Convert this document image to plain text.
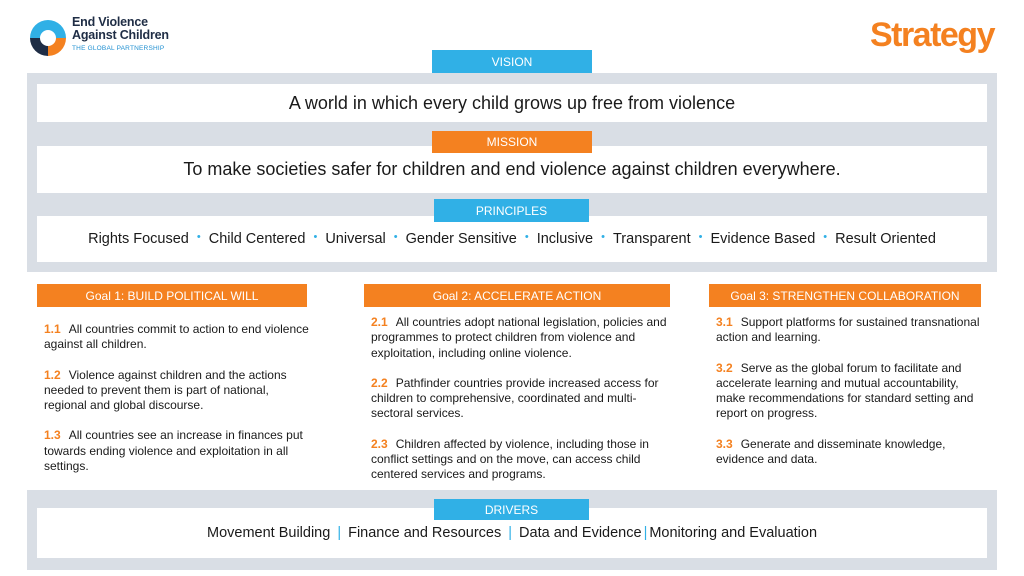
End Violence
Against Children
THE GLOBAL PARTNERSHIP	Strategy
A world in which every child grows up free from violence
VISION
To make societies safer for children and end violence against children everywhere.
MISSION
Rights Focused • Child Centered • Universal • Gender Sensitive • Inclusive • Transparent • Evidence Based • Result Oriented
PRINCIPLES
Goal 1: BUILD POLITICAL WILL	Goal 2: ACCELERATE ACTION	Goal 3: STRENGTHEN COLLABORATION
1.1 All countries commit to action to end violence against all children.
1.2 Violence against children and the actions needed to prevent them is part of national, regional and global discourse.
1.3 All countries see an increase in finances put towards ending violence and exploitation in all settings.
2.1 All countries adopt national legislation, policies and programmes to protect children from violence and exploitation, including online violence.
2.2 Pathfinder countries provide increased access for children to comprehensive, coordinated and multi-sectoral services.
2.3 Children affected by violence, including those in conflict settings and on the move, can access child centered services and programs.
3.1 Support platforms for sustained transnational action and learning.
3.2 Serve as the global forum to facilitate and accelerate learning and mutual accountability, make recommendations for standard setting and report on progress.
3.3 Generate and disseminate knowledge, evidence and data.
Movement Building | Finance and Resources | Data and Evidence | Monitoring and Evaluation
DRIVERS
